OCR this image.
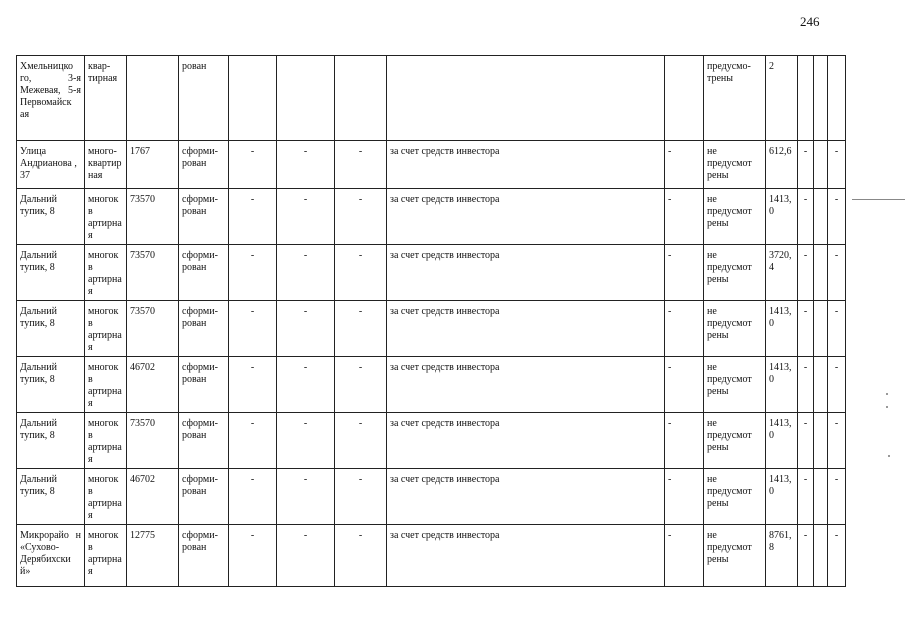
246
Хмельницко го, 3-я Межевая, 5-я Первомайск ая	квар-тирная		рован						предусмо-трены	2			
Улица Андрианова , 37	много-квартир ная	1767	сформи-рован	-	-	-	за счет средств инвестора	-	не предусмот рены	612,6	-		-
Дальний тупик, 8	многокв артирна я	73570	сформи-рован	-	-	-	за счет средств инвестора	-	не предусмот рены	1413, 0	-		-
Дальний тупик, 8	многокв артирна я	73570	сформи-рован	-	-	-	за счет средств инвестора	-	не предусмот рены	3720, 4	-		-
Дальний тупик, 8	многокв артирна я	73570	сформи-рован	-	-	-	за счет средств инвестора	-	не предусмот рены	1413, 0	-		-
Дальний тупик, 8	многокв артирна я	46702	сформи-рован	-	-	-	за счет средств инвестора	-	не предусмот рены	1413, 0	-		-
Дальний тупик, 8	многокв артирна я	73570	сформи-рован	-	-	-	за счет средств инвестора	-	не предусмот рены	1413, 0	-		-
Дальний тупик, 8	многокв артирна я	46702	сформи-рован	-	-	-	за счет средств инвестора	-	не предусмот рены	1413, 0	-		-
Микрорайо н «Сухово-Дерябихски й»	многокв артирна я	12775	сформи-рован	-	-	-	за счет средств инвестора	-	не предусмот рены	8761, 8	-		-
